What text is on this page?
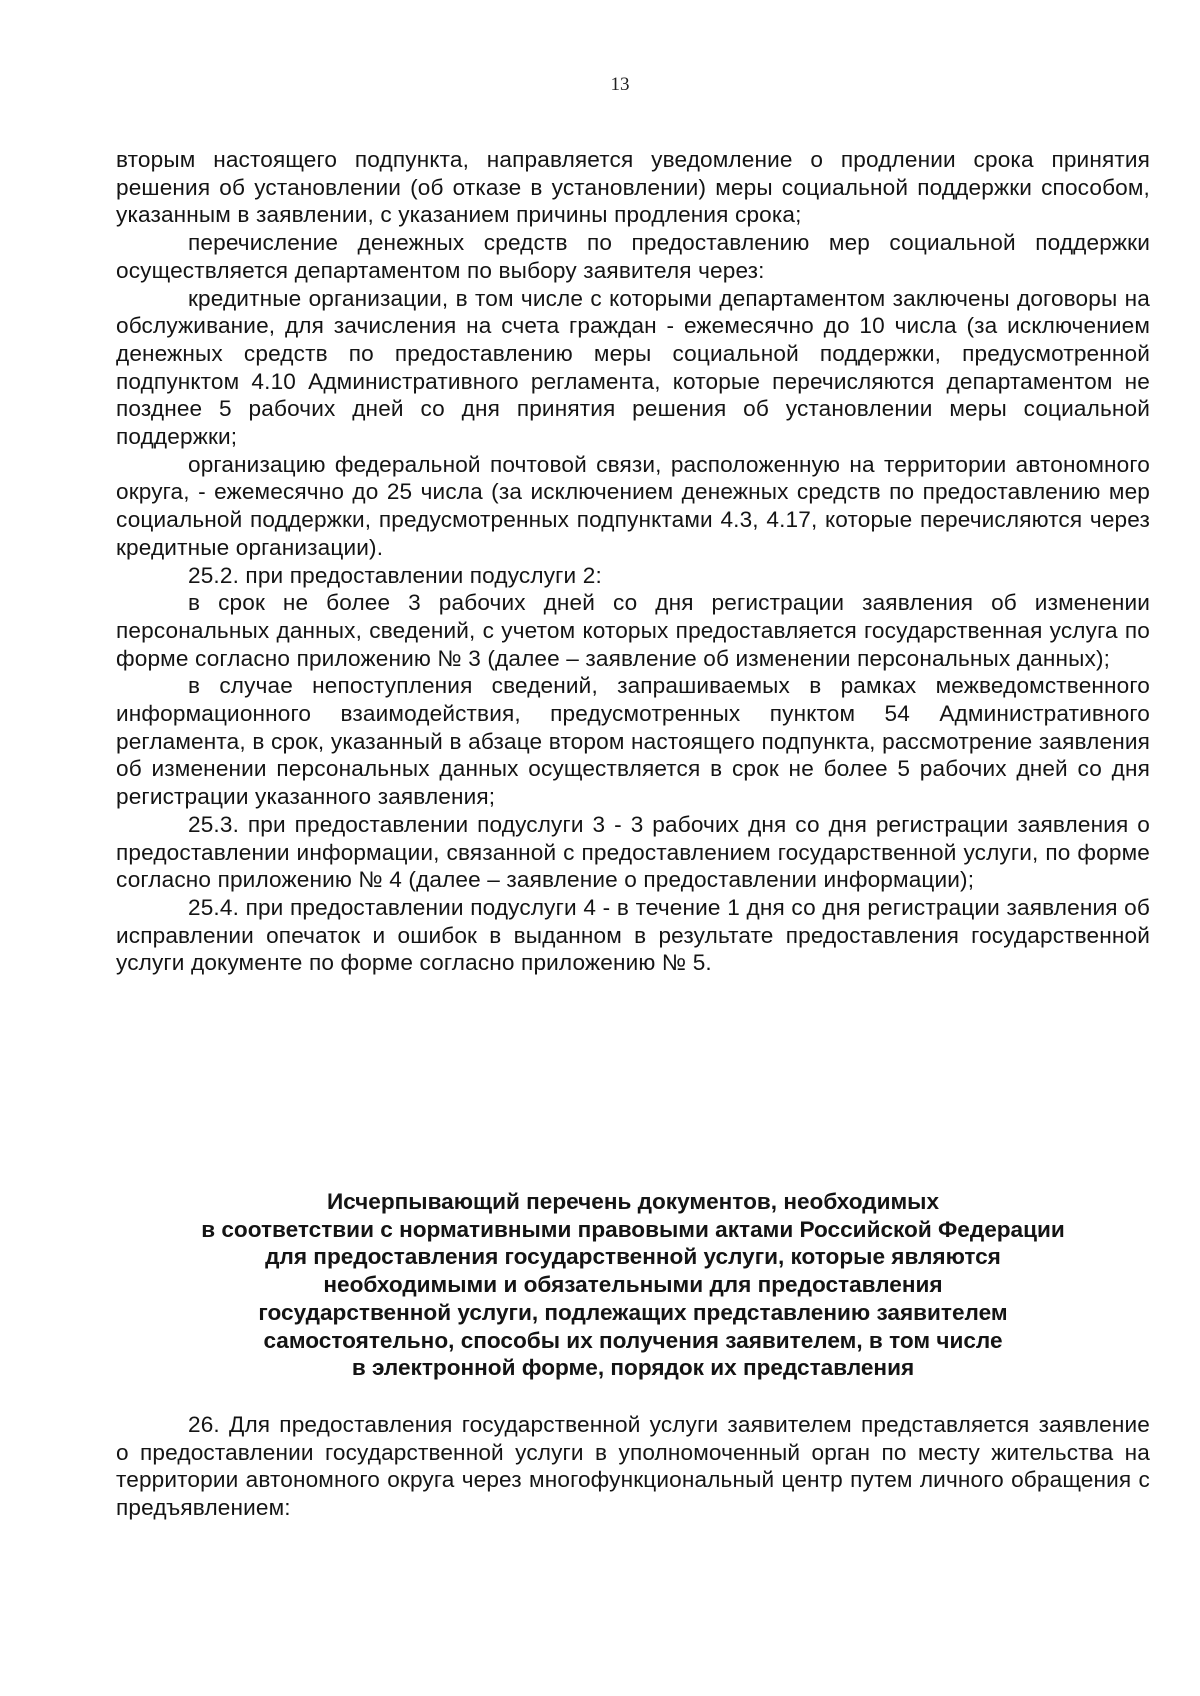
13

вторым настоящего подпункта, направляется уведомление о продлении срока принятия решения об установлении (об отказе в установлении) меры социальной поддержки способом, указанным в заявлении, с указанием причины продления срока;

перечисление денежных средств по предоставлению мер социальной поддержки осуществляется департаментом по выбору заявителя через:

кредитные организации, в том числе с которыми департаментом заключены договоры на обслуживание, для зачисления на счета граждан - ежемесячно до 10 числа (за исключением денежных средств по предоставлению меры социальной поддержки, предусмотренной подпунктом 4.10 Административного регламента, которые перечисляются департаментом не позднее 5 рабочих дней со дня принятия решения об установлении меры социальной поддержки;

организацию федеральной почтовой связи, расположенную на территории автономного округа, - ежемесячно до 25 числа (за исключением денежных средств по предоставлению мер социальной поддержки, предусмотренных подпунктами 4.3, 4.17, которые перечисляются через кредитные организации).

25.2. при предоставлении подуслуги 2:

в срок не более 3 рабочих дней со дня регистрации заявления об изменении персональных данных, сведений, с учетом которых предоставляется государственная услуга по форме согласно приложению № 3 (далее – заявление об изменении персональных данных);

в случае непоступления сведений, запрашиваемых в рамках межведомственного информационного взаимодействия, предусмотренных пунктом 54 Административного регламента, в срок, указанный в абзаце втором настоящего подпункта, рассмотрение заявления об изменении персональных данных осуществляется в срок не более 5 рабочих дней со дня регистрации указанного заявления;

25.3. при предоставлении подуслуги 3 - 3 рабочих дня со дня регистрации заявления о предоставлении информации, связанной с предоставлением государственной услуги, по форме согласно приложению № 4 (далее – заявление о предоставлении информации);

25.4. при предоставлении подуслуги 4 - в течение 1 дня со дня регистрации заявления об исправлении опечаток и ошибок в выданном в результате предоставления государственной услуги документе по форме согласно приложению № 5.

Исчерпывающий перечень документов, необходимых
в соответствии с нормативными правовыми актами Российской Федерации
для предоставления государственной услуги, которые являются
необходимыми и обязательными для предоставления
государственной услуги, подлежащих представлению заявителем
самостоятельно, способы их получения заявителем, в том числе
в электронной форме, порядок их представления

26. Для предоставления государственной услуги заявителем представляется заявление о предоставлении государственной услуги в уполномоченный орган по месту жительства на территории автономного округа через многофункциональный центр путем личного обращения с предъявлением:
